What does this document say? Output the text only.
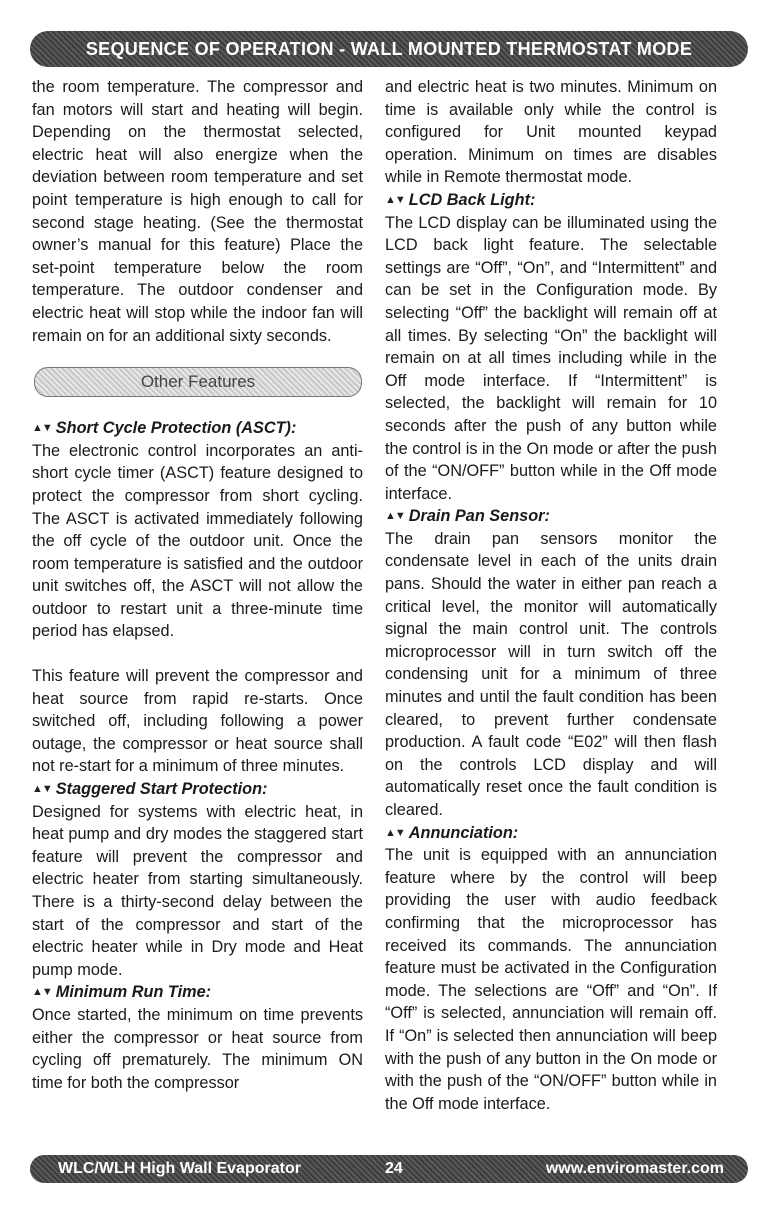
SEQUENCE OF OPERATION - WALL MOUNTED THERMOSTAT MODE

the room temperature. The compressor and fan motors will start and heating will begin. Depending on the thermostat selected, electric heat will also energize when the deviation between room temperature and set point temperature is high enough to call for second stage heating. (See the thermostat owner’s manual for this feature) Place the set-point temperature below the room temperature. The outdoor condenser and electric heat will stop while the indoor fan will remain on for an additional sixty seconds.

Other Features
▲▼ Short Cycle Protection (ASCT):

The electronic control incorporates an anti-short cycle timer (ASCT) feature designed to protect the compressor from short cycling. The ASCT is activated immediately following the off cycle of the outdoor unit. Once the room temperature is satisfied and the outdoor unit switches off, the ASCT will not allow the outdoor to restart unit a three-minute time period has elapsed.

This feature will prevent the compressor and heat source from rapid re-starts. Once switched off, including following a power outage, the compressor or heat source shall not re-start for a minimum of three minutes.

▲▼ Staggered Start Protection:

Designed for systems with electric heat, in heat pump and dry modes the staggered start feature will prevent the compressor and electric heater from starting simultaneously. There is a thirty-second delay between the start of the compressor and start of the electric heater while in Dry mode and Heat pump mode.

▲▼ Minimum Run Time:

Once started, the minimum on time prevents either the compressor or heat source from cycling off prematurely. The minimum ON time for both the compressor

and electric heat is two minutes. Minimum on time is available only while the control is configured for Unit mounted keypad operation. Minimum on times are disables while in Remote thermostat mode.

▲▼ LCD Back Light:

The LCD display can be illuminated using the LCD back light feature. The selectable settings are “Off”, “On”, and “Intermittent” and can be set in the Configuration mode. By selecting “Off” the backlight will remain off at all times. By selecting “On” the backlight will remain on at all times including while in the Off mode interface. If “Intermittent” is selected, the backlight will remain for 10 seconds after the push of any button while the control is in the On mode or after the push of the “ON/OFF” button while in the Off mode interface.

▲▼ Drain Pan Sensor:

The drain pan sensors monitor the condensate level in each of the units drain pans. Should the water in either pan reach a critical level, the monitor will automatically signal the main control unit. The controls microprocessor will in turn switch off the condensing unit for a minimum of three minutes and until the fault condition has been cleared, to prevent further condensate production. A fault code “E02” will then flash on the controls LCD display and will automatically reset once the fault condition is cleared.

▲▼ Annunciation:

The unit is equipped with an annunciation feature where by the control will beep providing the user with audio feedback confirming that the microprocessor has received its commands. The annunciation feature must be activated in the Configuration mode. The selections are “Off” and “On”. If “Off” is selected, annunciation will remain off. If “On” is selected then annunciation will beep with the push of any button in the On mode or with the push of the “ON/OFF” button while in the Off mode interface.

WLC/WLH High Wall Evaporator	24	www.enviromaster.com
